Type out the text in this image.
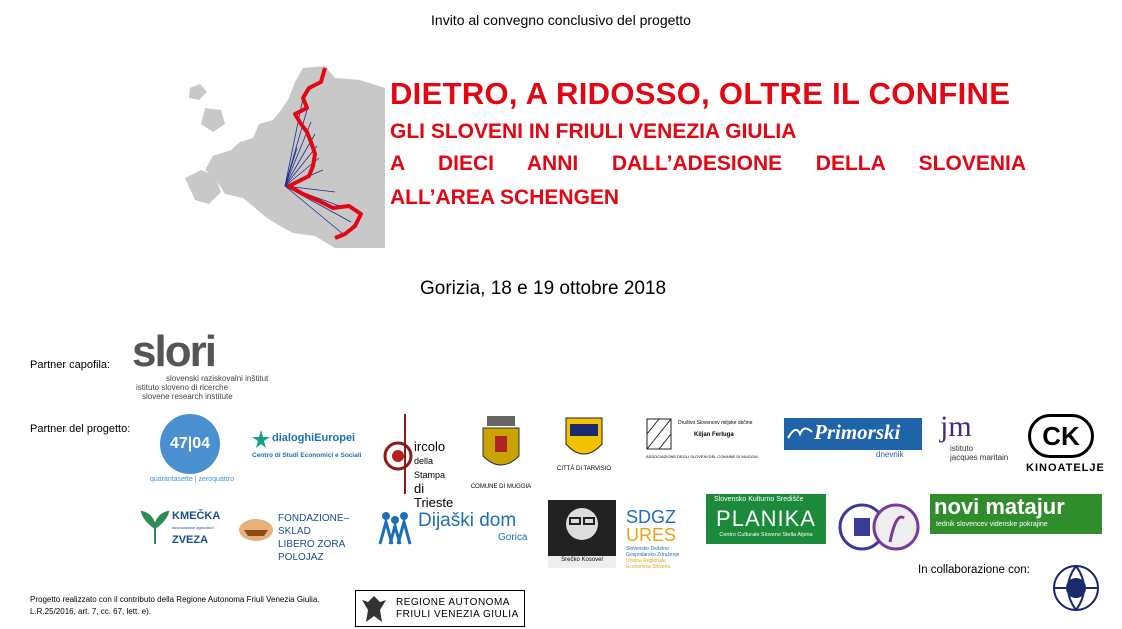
Invito al convegno conclusivo del progetto
DIETRO, A RIDOSSO, OLTRE IL CONFINE
GLI SLOVENI IN FRIULI VENEZIA GIULIA
A DIECI ANNI DALL’ADESIONE DELLA SLOVENIA
ALL’AREA SCHENGEN
Gorizia, 18 e 19 ottobre 2018
Partner capofila: slori
slovenski raziskovalni inštitut
istituto sloveno di ricerche
slovene research institute
Partner del progetto:
47|04
quarantasette | zeroquattro
dialoghiEuropei
Centro di Studi Economici e Sociali
ircolo
della Stampa
di Trieste
COMUNE DI MUGGIA
CITTÀ DI TARVISIO
Društvo Slovencev miljske občine
Kiljan Ferluga
ASSOCIAZIONE DEGLI SLOVENI DEL COMUNE DI MUGGIA
Primorski
dnevnik
jm
istituto
jacques maritain
CK
KINOATELJE
KMEČKA
associazione agricoltori
ZVEZA
FONDAZIONE–SKLAD
LIBERO ZORA POLOJAZ
Dijaški dom
Gorica
Srečko Kosovel
SDGZ
URES
Slovensko Deželno
Gospodarsko Združenje
Unione Regionale
Economica Slovena
Slovensko Kulturno Središče
PLANIKA
Centro Culturale Sloveno Stella Alpina
novi matajur
tednik slovencev videnske pokrajine
In collaborazione con:
Progetto realizzato con il contributo della Regione Autonoma Friuli Venezia Giulia. L.R.25/2016, art. 7, cc. 67, lett. e).
REGIONE AUTONOMA
FRIULI VENEZIA GIULIA
